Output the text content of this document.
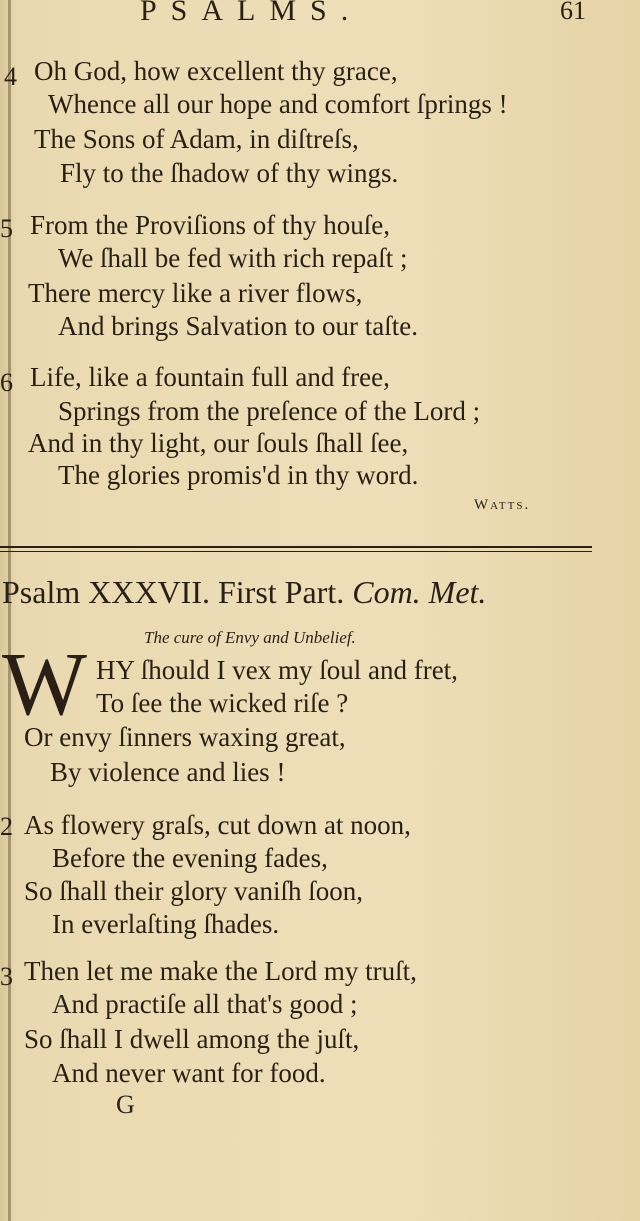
PSALMS.	61
4 Oh God, how excellent thy grace,
Whence all our hope and comfort ſprings !
The Sons of Adam, in diſtreſs,
Fly to the ſhadow of thy wings.
5 From the Proviſions of thy houſe,
We ſhall be fed with rich repaſt ;
There mercy like a river flows,
And brings Salvation to our taſte.
6 Life, like a fountain full and free,
Springs from the preſence of the Lord ;
And in thy light, our ſouls ſhall ſee,
The glories promis'd in thy word.
Watts.
Psalm XXXVII. First Part. Com. Met.
The cure of Envy and Unbelief.
W HY ſhould I vex my ſoul and fret,
To ſee the wicked riſe ?
Or envy ſinners waxing great,
By violence and lies !
2 As flowery graſs, cut down at noon,
Before the evening fades,
So ſhall their glory vaniſh ſoon,
In everlaſting ſhades.
3 Then let me make the Lord my truſt,
And practiſe all that's good ;
So ſhall I dwell among the juſt,
And never want for food.
G
